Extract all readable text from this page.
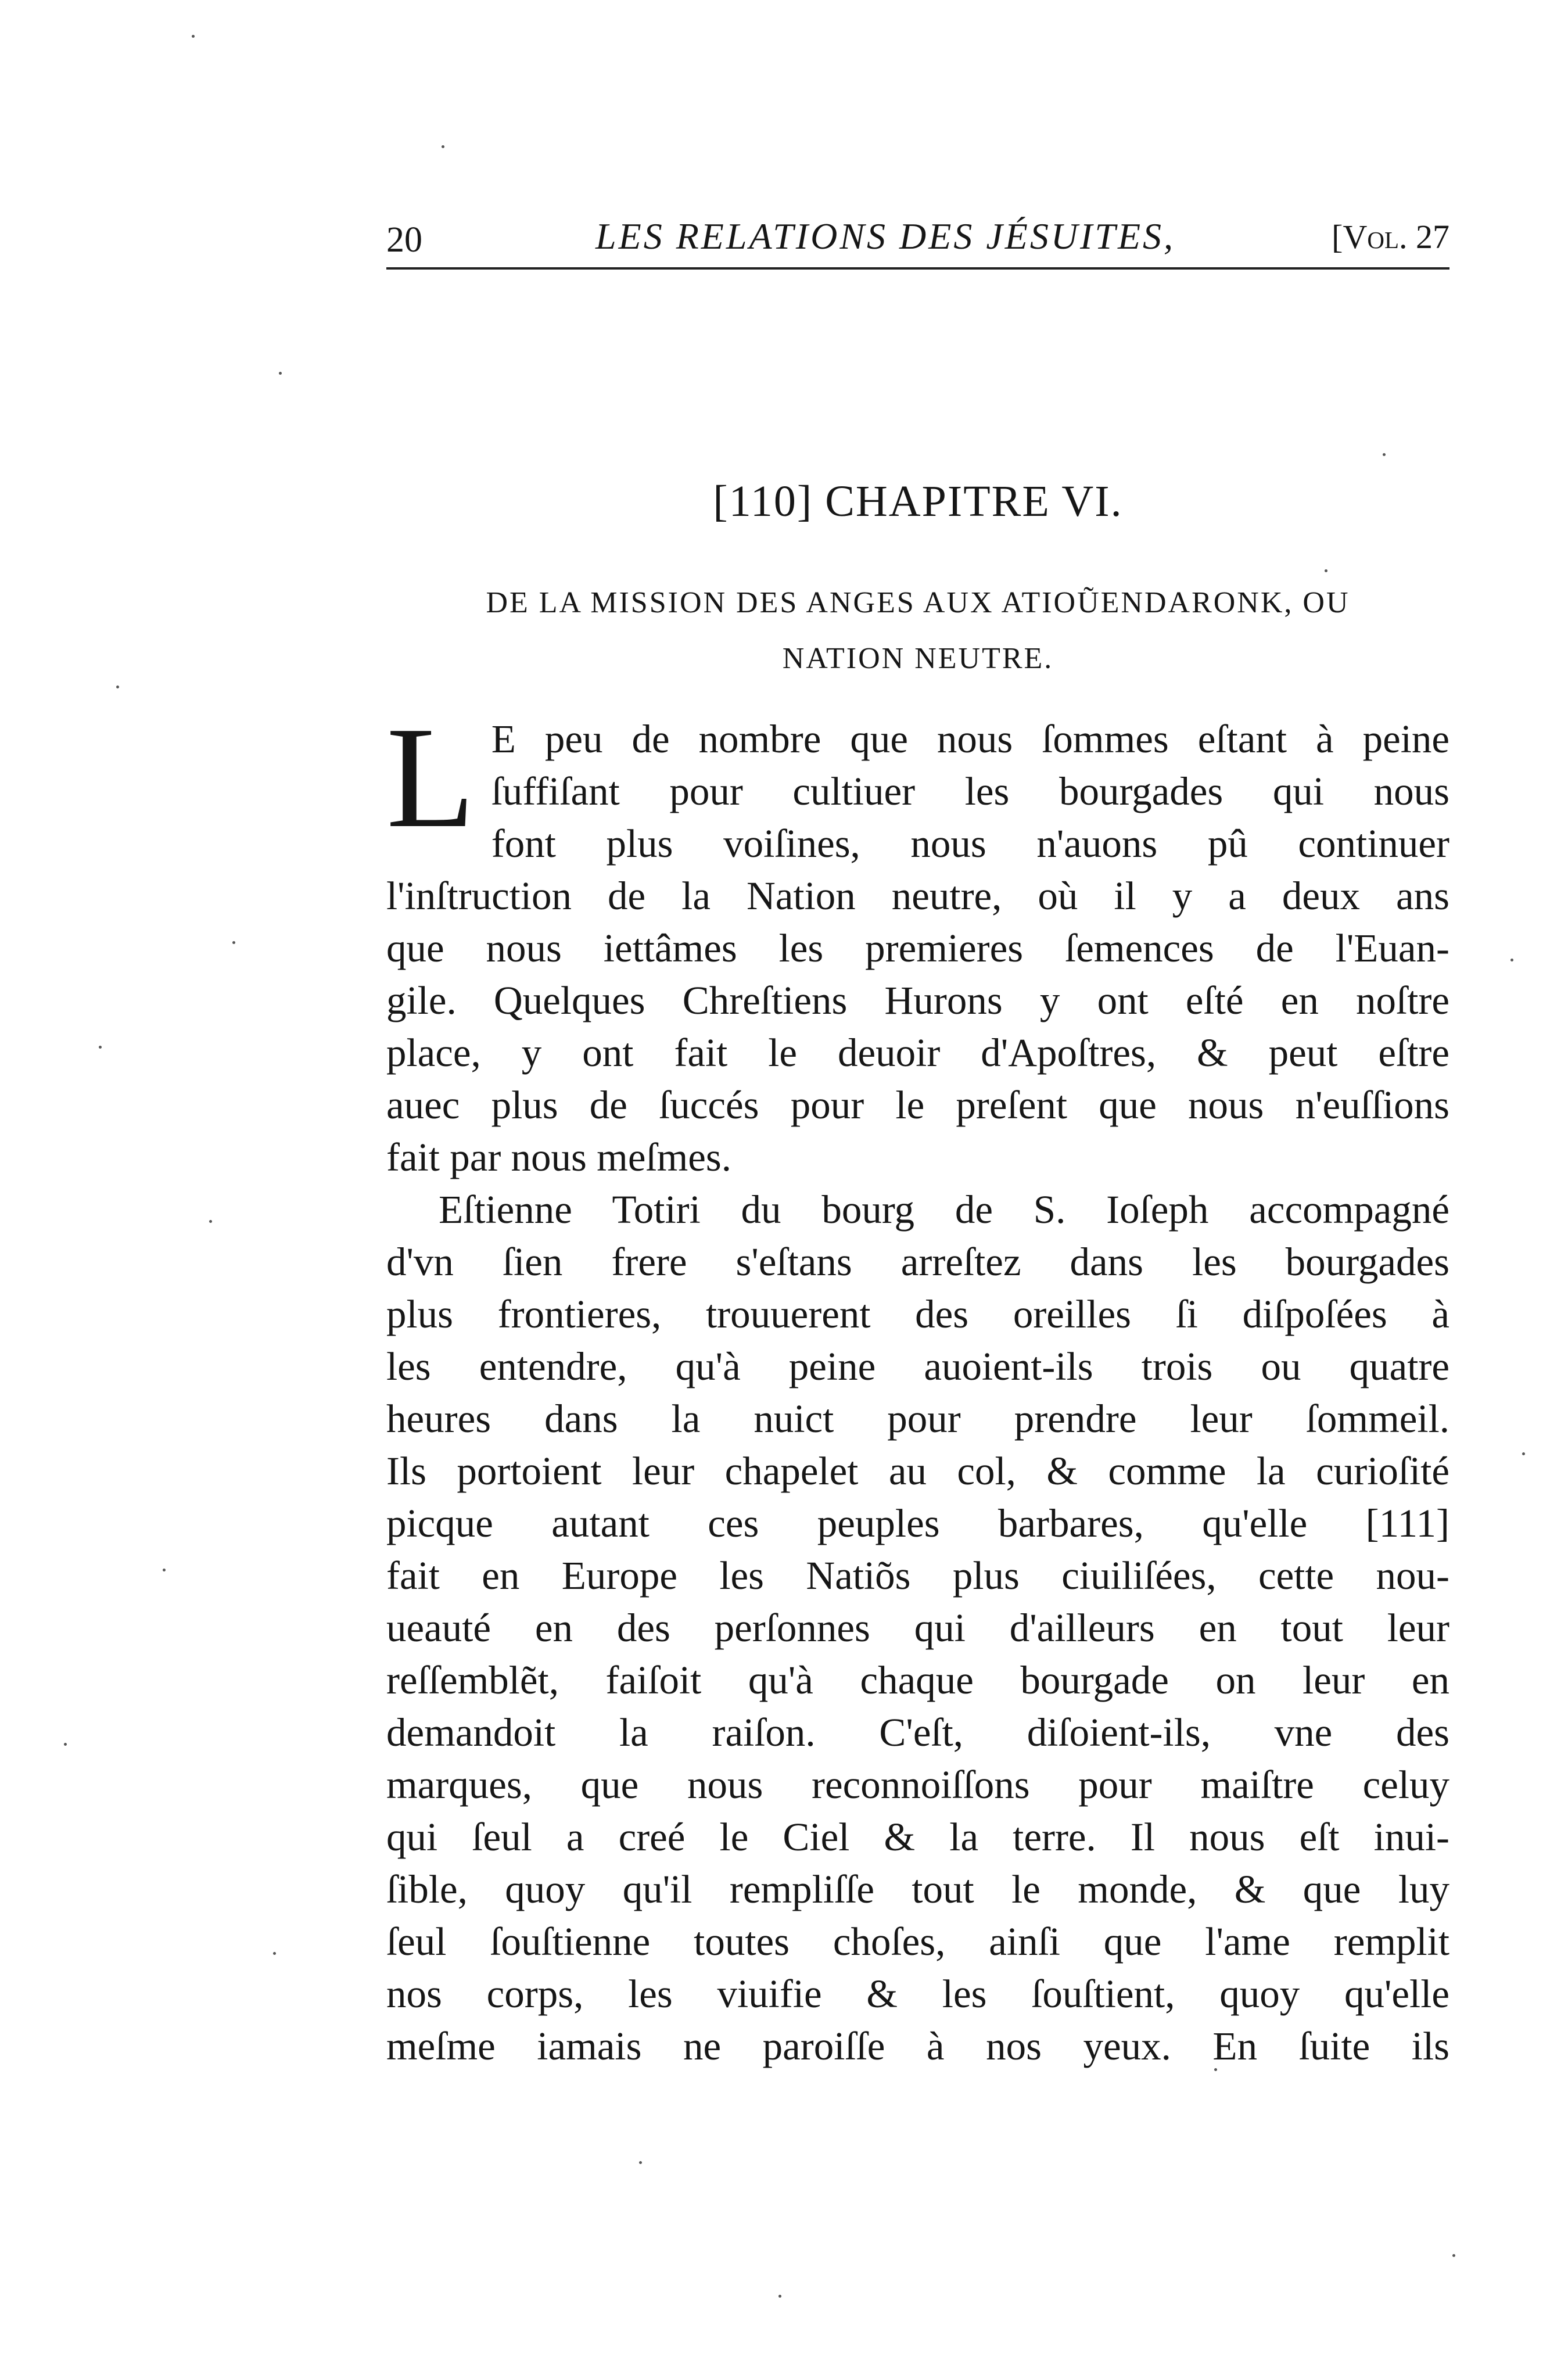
20	LES RELATIONS DES JÉSUITES,	[Vol. 27
[110] CHAPITRE VI.
DE LA MISSION DES ANGES AUX ATIOŨENDARONK, OU
NATION NEUTRE.
L E peu de nombre que nous ſommes eſtant à peine

ſuffiſant pour cultiuer les bourgades qui nous

font plus voiſines, nous n'auons pû continuer

l'inſtruction de la Nation neutre, où il y a deux ans

que nous iettâmes les premieres ſemences de l'Euan-

gile. Quelques Chreſtiens Hurons y ont eſté en noſtre

place, y ont fait le deuoir d'Apoſtres, & peut eſtre

auec plus de ſuccés pour le preſent que nous n'euſſions

fait par nous meſmes.

Eſtienne Totiri du bourg de S. Ioſeph accompagné

d'vn ſien frere s'eſtans arreſtez dans les bourgades

plus frontieres, trouuerent des oreilles ſi diſpoſées à

les entendre, qu'à peine auoient-ils trois ou quatre

heures dans la nuict pour prendre leur ſommeil.

Ils portoient leur chapelet au col, & comme la curioſité

picque autant ces peuples barbares, qu'elle [111]

fait en Europe les Natiõs plus ciuiliſées, cette nou-

ueauté en des perſonnes qui d'ailleurs en tout leur

reſſemblẽt, faiſoit qu'à chaque bourgade on leur en

demandoit la raiſon. C'eſt, diſoient-ils, vne des

marques, que nous reconnoiſſons pour maiſtre celuy

qui ſeul a creé le Ciel & la terre. Il nous eſt inui-

ſible, quoy qu'il rempliſſe tout le monde, & que luy

ſeul ſouſtienne toutes choſes, ainſi que l'ame remplit

nos corps, les viuifie & les ſouſtient, quoy qu'elle

meſme iamais ne paroiſſe à nos yeux. En ſuite ils
